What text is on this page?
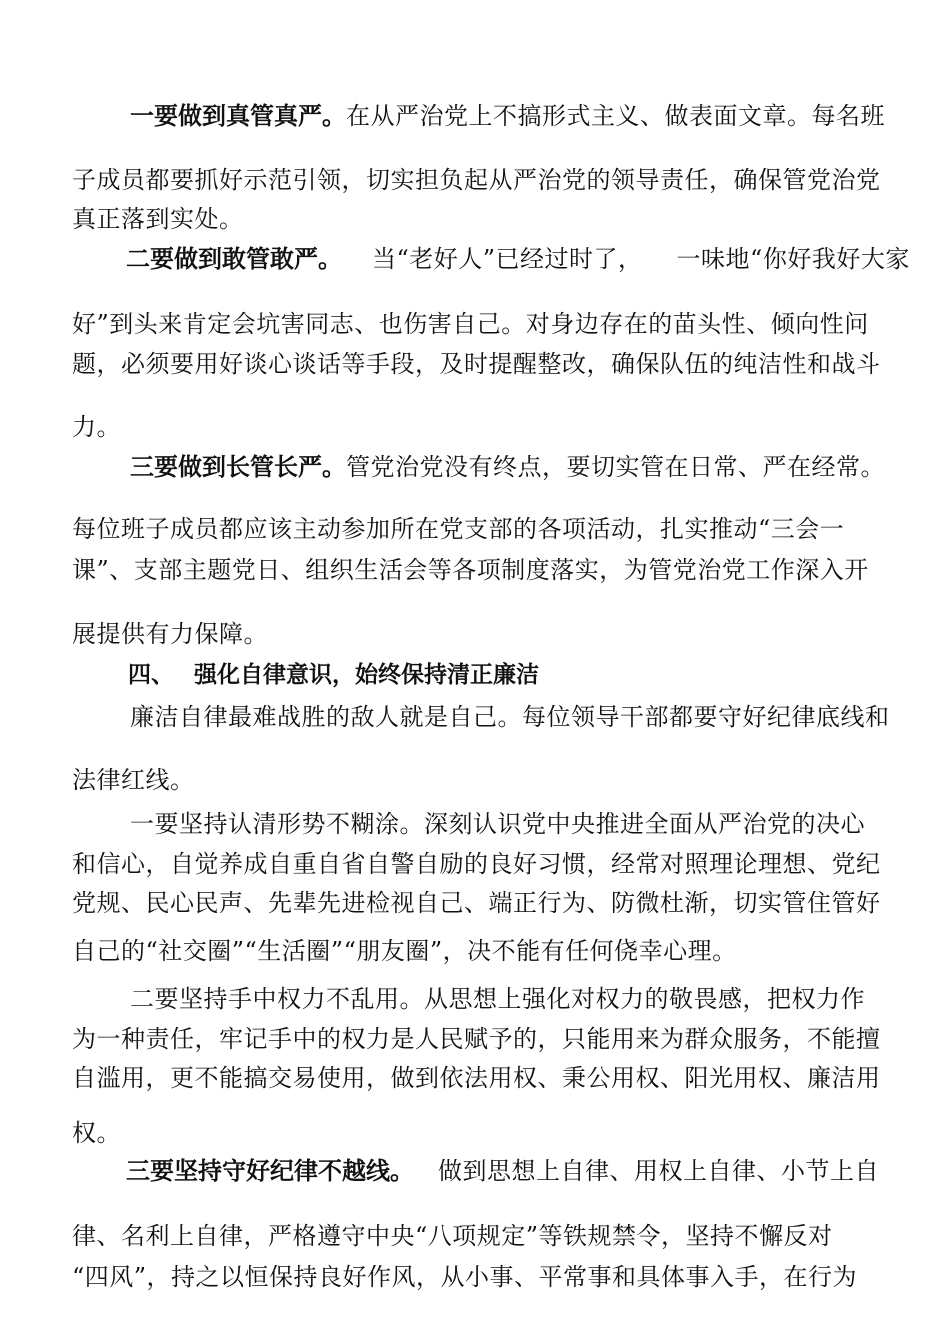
一要做到真管真严。在从严治党上不搞形式主义、做表面文章。每名班
子成员都要抓好示范引领，切实担负起从严治党的领导责任，确保管党治党
真正落到实处。
二要做到敢管敢严。 当“老好人”已经过时了， 一味地“你好我好大家
好”到头来肯定会坑害同志、也伤害自己。对身边存在的苗头性、倾向性问
题，必须要用好谈心谈话等手段，及时提醒整改，确保队伍的纯洁性和战斗
力。
三要做到长管长严。管党治党没有终点，要切实管在日常、严在经常。
每位班子成员都应该主动参加所在党支部的各项活动，扎实推动“三会一
课”、支部主题党日、组织生活会等各项制度落实，为管党治党工作深入开
展提供有力保障。
四、 强化自律意识，始终保持清正廉洁
廉洁自律最难战胜的敌人就是自己。每位领导干部都要守好纪律底线和
法律红线。
一要坚持认清形势不糊涂。深刻认识党中央推进全面从严治党的决心
和信心，自觉养成自重自省自警自励的良好习惯，经常对照理论理想、党纪
党规、民心民声、先辈先进检视自己、端正行为、防微杜渐，切实管住管好
自己的“社交圈”“生活圈”“朋友圈”，决不能有任何侥幸心理。
二要坚持手中权力不乱用。从思想上强化对权力的敬畏感，把权力作
为一种责任，牢记手中的权力是人民赋予的，只能用来为群众服务，不能擅
自滥用，更不能搞交易使用，做到依法用权、秉公用权、阳光用权、廉洁用
权。
三要坚持守好纪律不越线。 做到思想上自律、用权上自律、小节上自
律、名利上自律，严格遵守中央“八项规定”等铁规禁令，坚持不懈反对
“四风”，持之以恒保持良好作风，从小事、平常事和具体事入手，在行为
